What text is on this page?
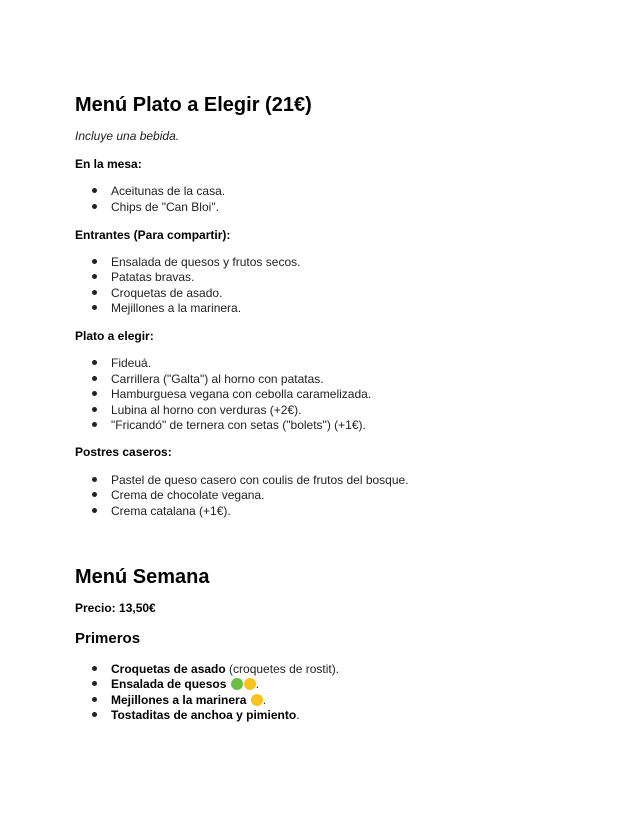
Menú Plato a Elegir (21€)
Incluye una bebida.
En la mesa:
Aceitunas de la casa.
Chips de "Can Bloi".
Entrantes (Para compartir):
Ensalada de quesos y frutos secos.
Patatas bravas.
Croquetas de asado.
Mejillones a la marinera.
Plato a elegir:
Fideuá.
Carrillera ("Galta") al horno con patatas.
Hamburguesa vegana con cebolla caramelizada.
Lubina al horno con verduras (+2€).
"Fricandó" de ternera con setas ("bolets") (+1€).
Postres caseros:
Pastel de queso casero con coulis de frutos del bosque.
Crema de chocolate vegana.
Crema catalana (+1€).
Menú Semana
Precio: 13,50€
Primeros
Croquetas de asado (croquetes de rostit).
Ensalada de quesos .
Mejillones a la marinera .
Tostaditas de anchoa y pimiento.
